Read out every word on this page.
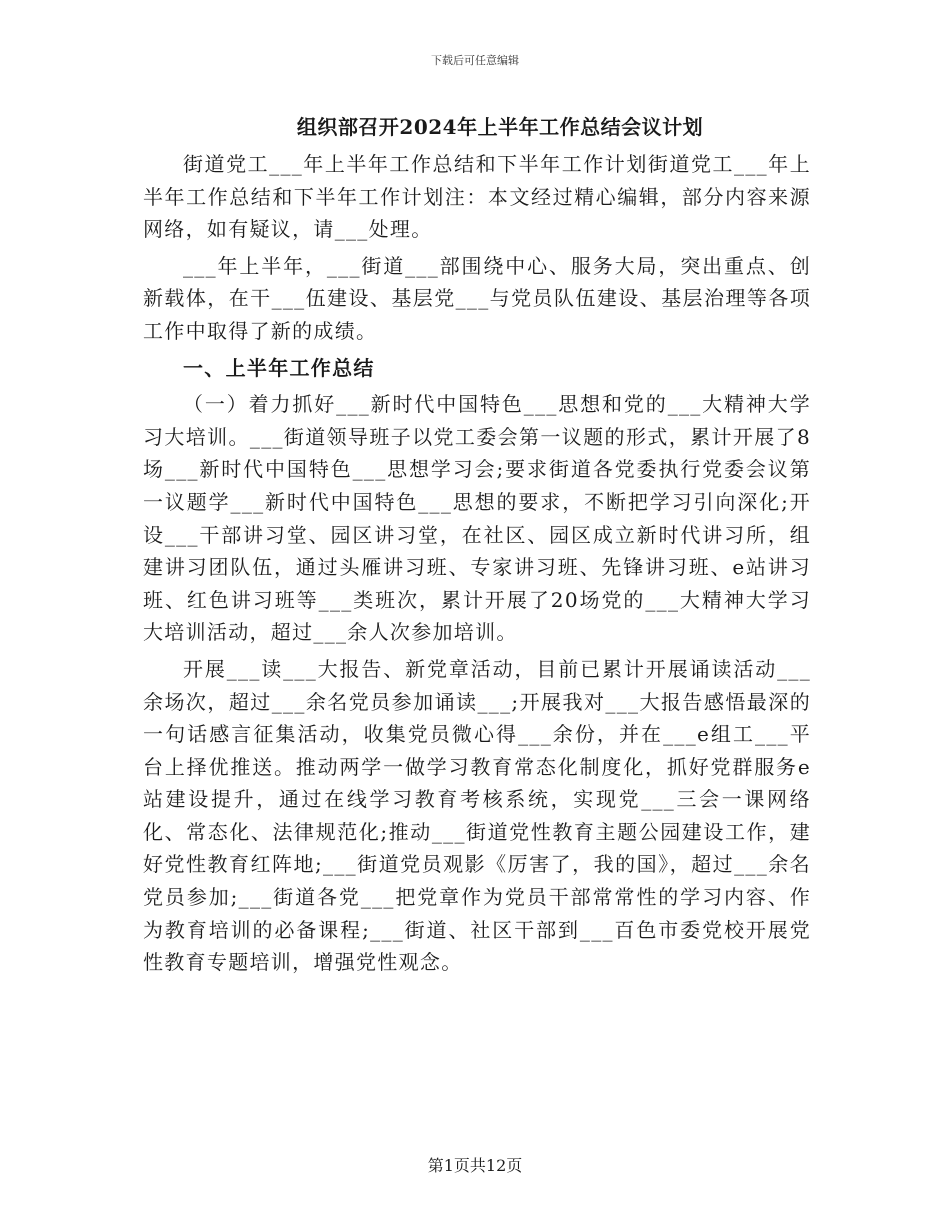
下载后可任意编辑
组织部召开2024年上半年工作总结会议计划

街道党工___年上半年工作总结和下半年工作计划街道党工___年上半年工作总结和下半年工作计划注：本文经过精心编辑，部分内容来源网络，如有疑议，请___处理。

___年上半年，___街道___部围绕中心、服务大局，突出重点、创新载体，在干___伍建设、基层党___与党员队伍建设、基层治理等各项工作中取得了新的成绩。

一、上半年工作总结

（一）着力抓好___新时代中国特色___思想和党的___大精神大学习大培训。___街道领导班子以党工委会第一议题的形式，累计开展了8场___新时代中国特色___思想学习会;要求街道各党委执行党委会议第一议题学___新时代中国特色___思想的要求，不断把学习引向深化;开设___干部讲习堂、园区讲习堂，在社区、园区成立新时代讲习所，组建讲习团队伍，通过头雁讲习班、专家讲习班、先锋讲习班、e站讲习班、红色讲习班等___类班次，累计开展了20场党的___大精神大学习大培训活动，超过___余人次参加培训。

开展___读___大报告、新党章活动，目前已累计开展诵读活动___余场次，超过___余名党员参加诵读___;开展我对___大报告感悟最深的一句话感言征集活动，收集党员微心得___余份，并在___e组工___平台上择优推送。推动两学一做学习教育常态化制度化，抓好党群服务e站建设提升，通过在线学习教育考核系统，实现党___三会一课网络化、常态化、法律规范化;推动___街道党性教育主题公园建设工作，建好党性教育红阵地;___街道党员观影《厉害了，我的国》，超过___余名党员参加;___街道各党___把党章作为党员干部常常性的学习内容、作为教育培训的必备课程;___街道、社区干部到___百色市委党校开展党性教育专题培训，增强党性观念。

第1页共12页
